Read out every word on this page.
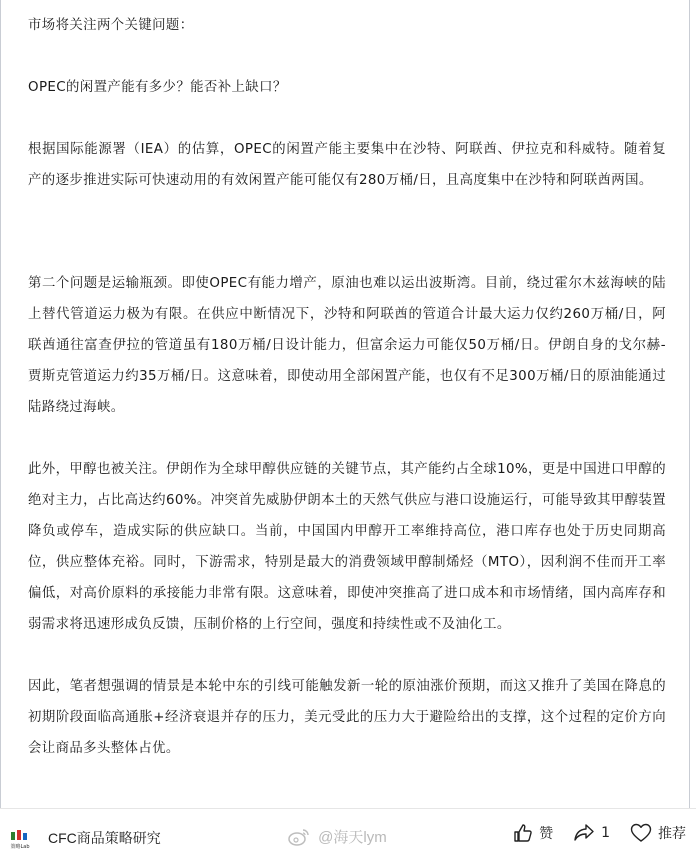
市场将关注两个关键问题：

OPEC的闲置产能有多少？能否补上缺口？

根据国际能源署（IEA）的估算，OPEC的闲置产能主要集中在沙特、阿联酋、伊拉克和科威特。随着复产的逐步推进实际可快速动用的有效闲置产能可能仅有280万桶/日，且高度集中在沙特和阿联酋两国。

第二个问题是运输瓶颈。即使OPEC有能力增产，原油也难以运出波斯湾。目前，绕过霍尔木兹海峡的陆上替代管道运力极为有限。在供应中断情况下，沙特和阿联酋的管道合计最大运力仅约260万桶/日，阿联酋通往富查伊拉的管道虽有180万桶/日设计能力，但富余运力可能仅50万桶/日。伊朗自身的戈尔赫-贾斯克管道运力约35万桶/日。这意味着，即使动用全部闲置产能，也仅有不足300万桶/日的原油能通过陆路绕过海峡。

此外，甲醇也被关注。伊朗作为全球甲醇供应链的关键节点，其产能约占全球10%，更是中国进口甲醇的绝对主力，占比高达约60%。冲突首先威胁伊朗本土的天然气供应与港口设施运行，可能导致其甲醇装置降负或停车，造成实际的供应缺口。当前，中国国内甲醇开工率维持高位，港口库存也处于历史同期高位，供应整体充裕。同时，下游需求，特别是最大的消费领域甲醇制烯烃（MTO），因利润不佳而开工率偏低，对高价原料的承接能力非常有限。这意味着，即使冲突推高了进口成本和市场情绪，国内高库存和弱需求将迅速形成负反馈，压制价格的上行空间，强度和持续性或不及油化工。

因此，笔者想强调的情景是本轮中东的引线可能触发新一轮的原油涨价预期，而这又推升了美国在降息的初期阶段面临高通胀+经济衰退并存的压力，美元受此的压力大于避险给出的支撑，这个过程的定价方向会让商品多头整体占优。

策略Lab
CFC商品策略研究	@海天lym	赞	1	推荐
